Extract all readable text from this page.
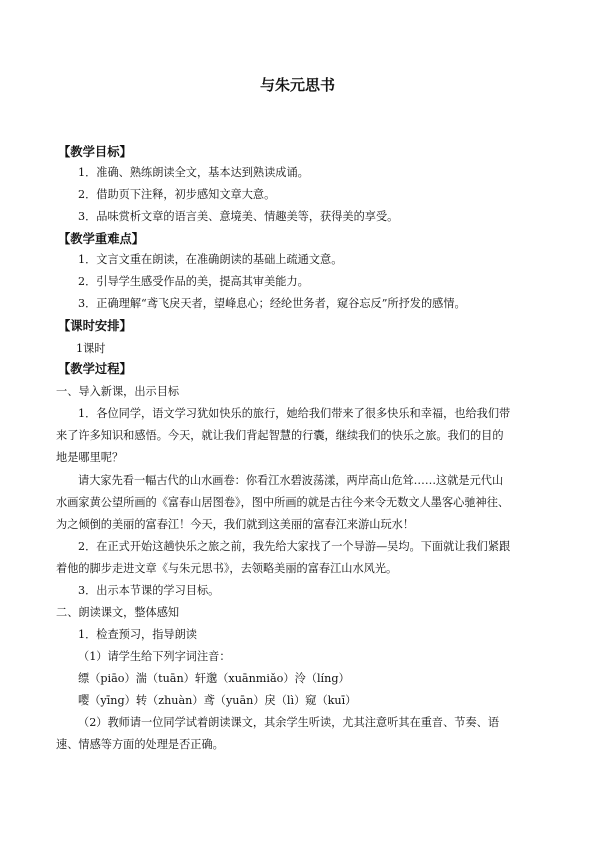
与朱元思书
【教学目标】
1．准确、熟练朗读全文，基本达到熟读成诵。
2．借助页下注释，初步感知文章大意。
3．品味赏析文章的语言美、意境美、情趣美等，获得美的享受。
【教学重难点】
1．文言文重在朗读，在准确朗读的基础上疏通文意。
2．引导学生感受作品的美，提高其审美能力。
3．正确理解“鸢飞戾天者，望峰息心；经纶世务者，窥谷忘反”所抒发的感情。
【课时安排】
1课时
【教学过程】
一、导入新课，出示目标
1．各位同学，语文学习犹如快乐的旅行，她给我们带来了很多快乐和幸福，也给我们带
来了许多知识和感悟。今天，就让我们背起智慧的行囊，继续我们的快乐之旅。我们的目的
地是哪里呢？
请大家先看一幅古代的山水画卷：你看江水碧波荡漾，两岸高山危耸……这就是元代山
水画家黄公望所画的《富春山居图卷》，图中所画的就是古往今来令无数文人墨客心驰神往、
为之倾倒的美丽的富春江！今天，我们就到这美丽的富春江来游山玩水！
2．在正式开始这趟快乐之旅之前，我先给大家找了一个导游—吴均。下面就让我们紧跟
着他的脚步走进文章《与朱元思书》，去领略美丽的富春江山水风光。
3．出示本节课的学习目标。
二、朗读课文，整体感知
1．检查预习，指导朗读
（1）请学生给下列字词注音：
缥（piāo）湍（tuān）轩邈（xuānmiǎo）泠（líng）
嘤（yīng）转（zhuàn）鸢（yuān）戾（lì）窥（kuī）
（2）教师请一位同学试着朗读课文，其余学生听读，尤其注意听其在重音、节奏、语
速、情感等方面的处理是否正确。
